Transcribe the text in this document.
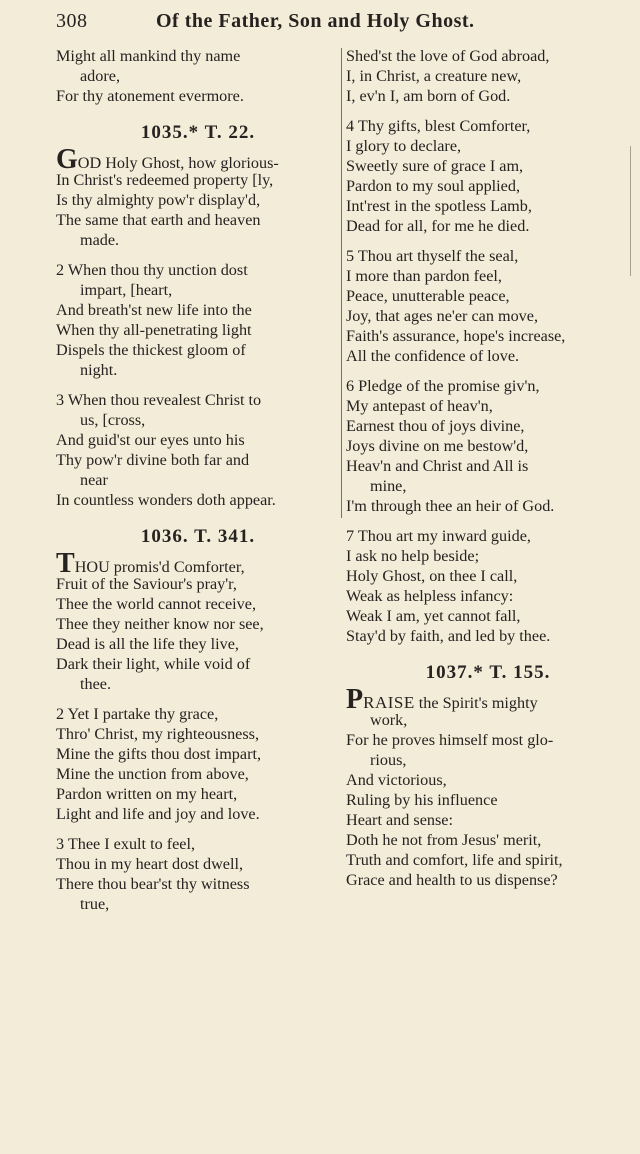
308	Of the Father, Son and Holy Ghost.
Might all mankind thy name
adore,
For thy atonement evermore.
1035.* T. 22.
GOD Holy Ghost, how glorious-
In Christ's redeemed property [ly,
Is thy almighty pow'r display'd,
The same that earth and heaven
made.
2 When thou thy unction dost
impart, [heart,
And breath'st new life into the
When thy all-penetrating light
Dispels the thickest gloom of
night.
3 When thou revealest Christ to
us, [cross,
And guid'st our eyes unto his
Thy pow'r divine both far and
near
In countless wonders doth appear.
1036. T. 341.
THOU promis'd Comforter,
Fruit of the Saviour's pray'r,
Thee the world cannot receive,
Thee they neither know nor see,
Dead is all the life they live,
Dark their light, while void of
thee.
2 Yet I partake thy grace,
Thro' Christ, my righteousness,
Mine the gifts thou dost impart,
Mine the unction from above,
Pardon written on my heart,
Light and life and joy and love.
3 Thee I exult to feel,
Thou in my heart dost dwell,
There thou bear'st thy witness
true,
Shed'st the love of God abroad,
I, in Christ, a creature new,
I, ev'n I, am born of God.
4 Thy gifts, blest Comforter,
I glory to declare,
Sweetly sure of grace I am,
Pardon to my soul applied,
Int'rest in the spotless Lamb,
Dead for all, for me he died.
5 Thou art thyself the seal,
I more than pardon feel,
Peace, unutterable peace,
Joy, that ages ne'er can move,
Faith's assurance, hope's increase,
All the confidence of love.
6 Pledge of the promise giv'n,
My antepast of heav'n,
Earnest thou of joys divine,
Joys divine on me bestow'd,
Heav'n and Christ and All is
mine,
I'm through thee an heir of God.
7 Thou art my inward guide,
I ask no help beside;
Holy Ghost, on thee I call,
Weak as helpless infancy:
Weak I am, yet cannot fall,
Stay'd by faith, and led by thee.
1037.* T. 155.
PRAISE the Spirit's mighty
work,
For he proves himself most glo-
rious,
And victorious,
Ruling by his influence
Heart and sense:
Doth he not from Jesus' merit,
Truth and comfort, life and spirit,
Grace and health to us dispense?
